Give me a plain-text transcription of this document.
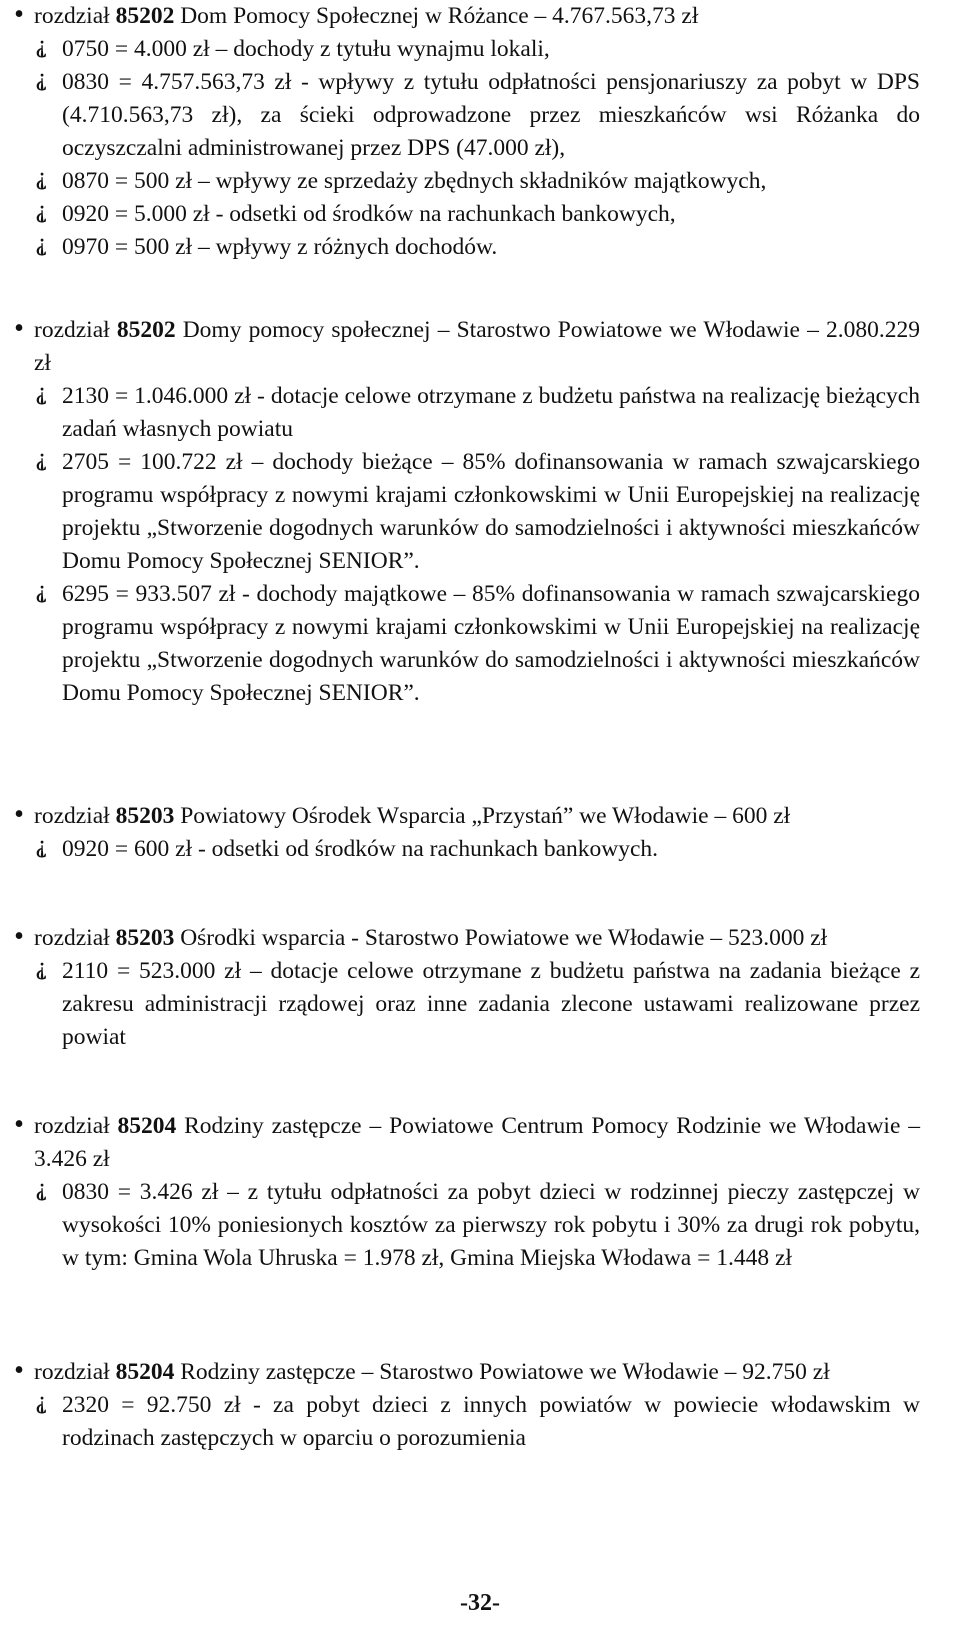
• rozdział 85202 Dom Pomocy Społecznej w Różance – 4.767.563,73 zł
⸘ 0750 = 4.000 zł – dochody z tytułu wynajmu lokali,
⸘ 0830 = 4.757.563,73 zł - wpływy z tytułu odpłatności pensjonariuszy za pobyt w DPS (4.710.563,73 zł), za ścieki odprowadzone przez mieszkańców wsi Różanka do oczyszczalni administrowanej przez DPS (47.000 zł),
⸘ 0870 = 500 zł – wpływy ze sprzedaży zbędnych składników majątkowych,
⸘ 0920 = 5.000 zł - odsetki od środków na rachunkach bankowych,
⸘ 0970 = 500 zł – wpływy z różnych dochodów.
• rozdział 85202 Domy pomocy społecznej – Starostwo Powiatowe we Włodawie – 2.080.229 zł
⸘ 2130 = 1.046.000 zł - dotacje celowe otrzymane z budżetu państwa na realizację bieżących zadań własnych powiatu
⸘ 2705 = 100.722 zł – dochody bieżące – 85% dofinansowania w ramach szwajcarskiego programu współpracy z nowymi krajami członkowskimi w Unii Europejskiej na realizację projektu „Stworzenie dogodnych warunków do samodzielności i aktywności mieszkańców Domu Pomocy Społecznej SENIOR”.
⸘ 6295 = 933.507 zł - dochody majątkowe – 85% dofinansowania w ramach szwajcarskiego programu współpracy z nowymi krajami członkowskimi w Unii Europejskiej na realizację projektu „Stworzenie dogodnych warunków do samodzielności i aktywności mieszkańców Domu Pomocy Społecznej SENIOR”.
• rozdział 85203 Powiatowy Ośrodek Wsparcia „Przystań” we Włodawie – 600 zł
⸘ 0920 = 600 zł - odsetki od środków na rachunkach bankowych.
• rozdział 85203 Ośrodki wsparcia - Starostwo Powiatowe we Włodawie – 523.000 zł
⸘ 2110 = 523.000 zł – dotacje celowe otrzymane z budżetu państwa na zadania bieżące z zakresu administracji rządowej oraz inne zadania zlecone ustawami realizowane przez powiat
• rozdział 85204 Rodziny zastępcze – Powiatowe Centrum Pomocy Rodzinie we Włodawie – 3.426 zł
⸘ 0830 = 3.426 zł – z tytułu odpłatności za pobyt dzieci w rodzinnej pieczy zastępczej w wysokości 10% poniesionych kosztów za pierwszy rok pobytu i 30% za drugi rok pobytu, w tym: Gmina Wola Uhruska = 1.978 zł, Gmina Miejska Włodawa = 1.448 zł
• rozdział 85204 Rodziny zastępcze – Starostwo Powiatowe we Włodawie – 92.750 zł
⸘ 2320 = 92.750 zł - za pobyt dzieci z innych powiatów w powiecie włodawskim w rodzinach zastępczych w oparciu o porozumienia
-32-
